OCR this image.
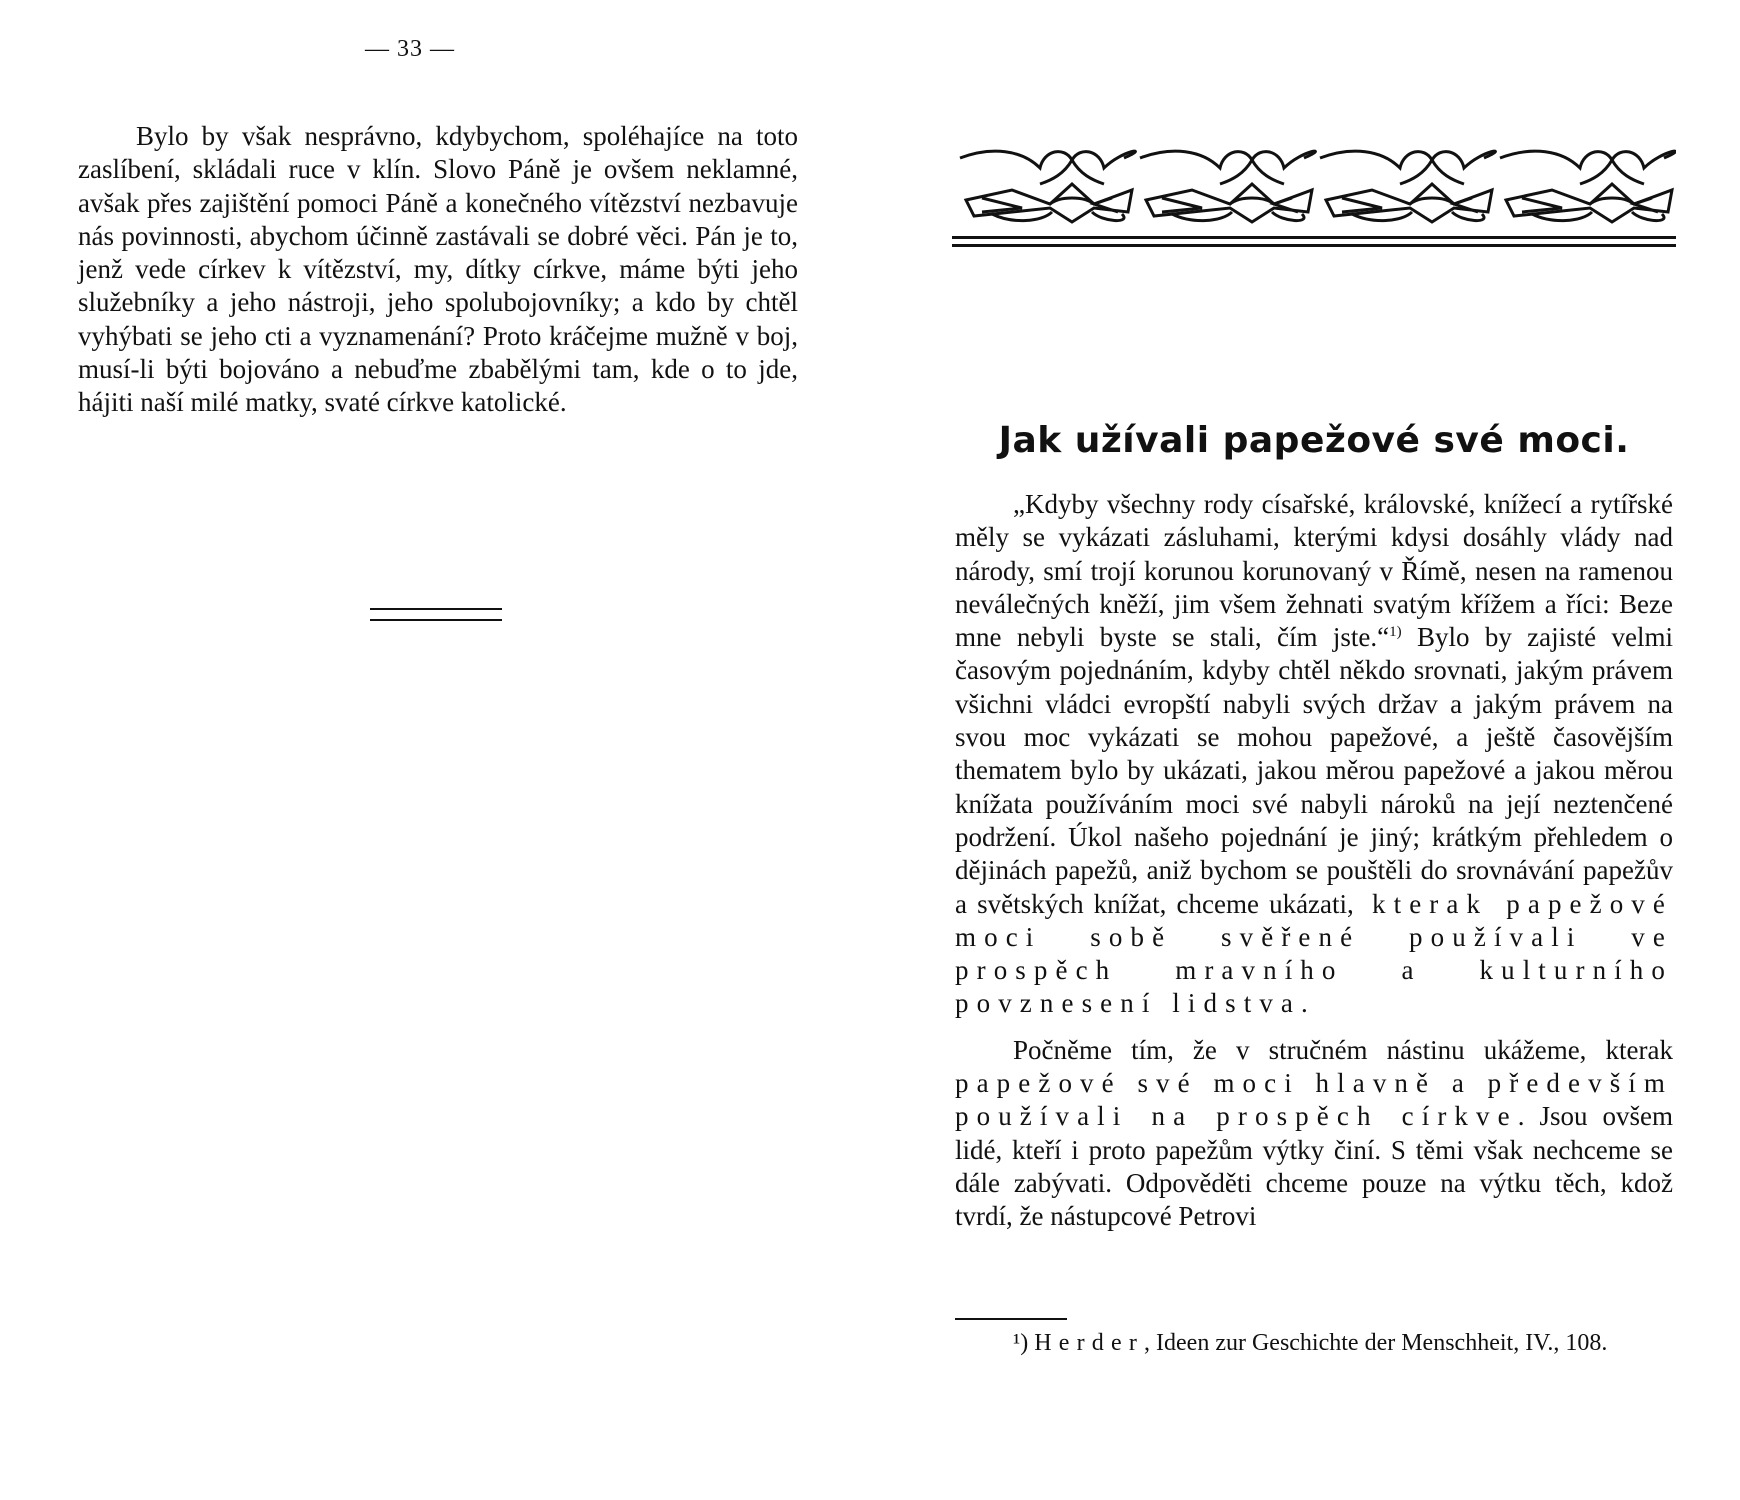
— 33 —

Bylo by však nesprávno, kdybychom, spoléhajíce na toto zaslíbení, skládali ruce v klín. Slovo Páně je ovšem neklamné, avšak přes zajištění pomoci Páně a konečného vítězství nezbavuje nás povinnosti, abychom účinně zastávali se dobré věci. Pán je to, jenž vede církev k vítězství, my, dítky církve, máme býti jeho služebníky a jeho nástroji, jeho spolubojovníky; a kdo by chtěl vyhýbati se jeho cti a vyznamenání? Proto kráčejme mužně v boj, musí-li býti bojováno a nebuďme zbabělými tam, kde o to jde, hájiti naší milé matky, svaté církve katolické.

Jak užívali papežové své moci.

„Kdyby všechny rody císařské, královské, knížecí a rytířské měly se vykázati zásluhami, kterými kdysi dosáhly vlády nad národy, smí trojí korunou korunovaný v Římě, nesen na ramenou neválečných kněží, jim všem žehnati svatým křížem a říci: Beze mne nebyli byste se stali, čím jste.“$^{1)}$ Bylo by zajisté velmi časovým pojednáním, kdyby chtěl někdo srovnati, jakým právem všichni vládci evropští nabyli svých držav a jakým právem na svou moc vykázati se mohou papežové, a ještě časovějším thematem bylo by ukázati, jakou měrou papežové a jakou měrou knížata používáním moci své nabyli nároků na její neztenčené podržení. Úkol našeho pojednání je jiný; krátkým přehledem o dějinách papežů, aniž bychom se pouštěli do srovnávání papežův a světských knížat, chceme ukázati, kterak papežové moci sobě svěřené používali ve prospěch mravního a kulturního povznesení lidstva.

Počněme tím, že v stručném nástinu ukážeme, kterak papežové své moci hlavně a především používali na prospěch církve. Jsou ovšem lidé, kteří i proto papežům výtky činí. S těmi však nechceme se dále zabývati. Odpověděti chceme pouze na výtku těch, kdož tvrdí, že nástupcové Petrovi

¹) Herder, Ideen zur Geschichte der Menschheit, IV., 108.
